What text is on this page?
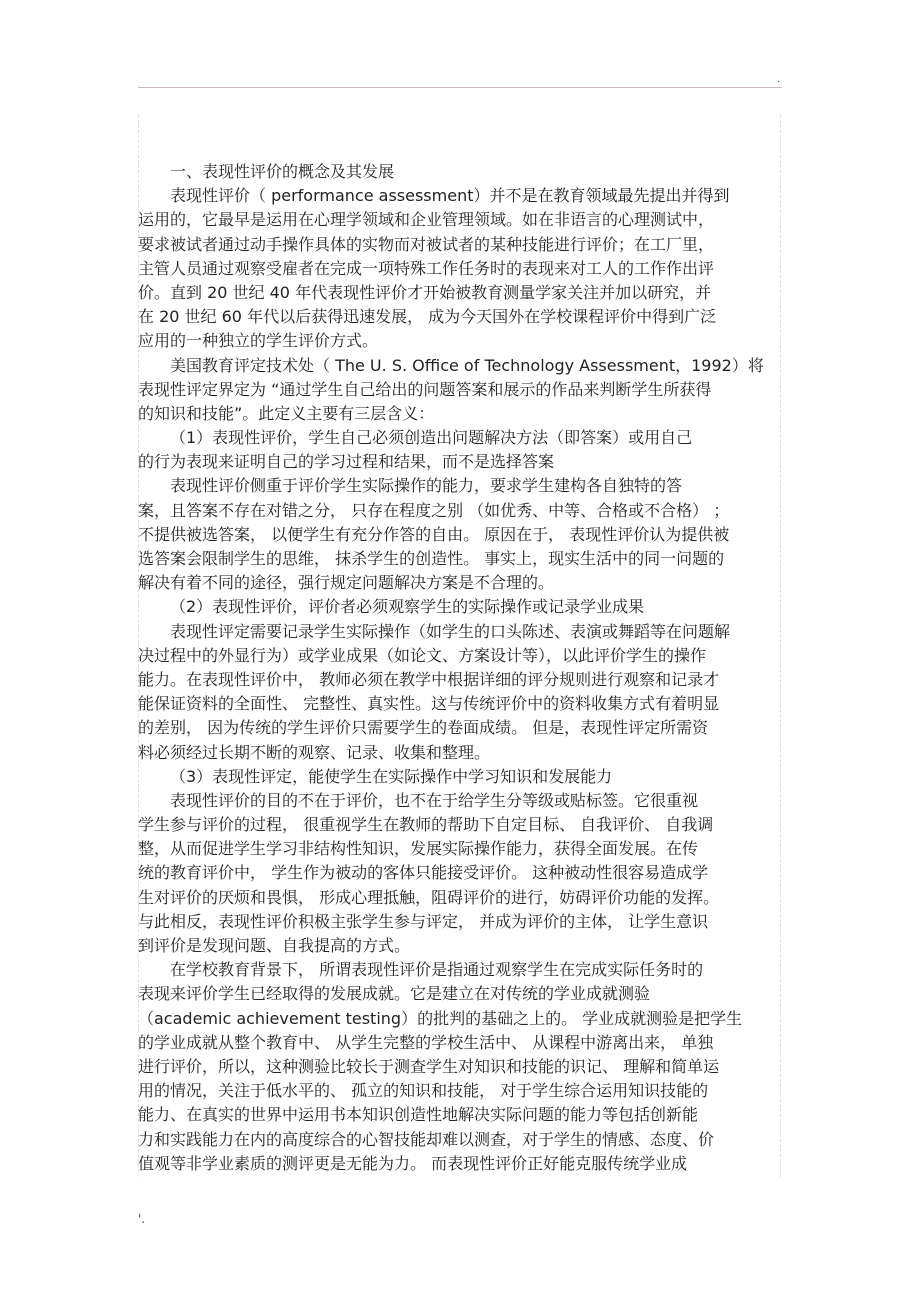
.
一、表现性评价的概念及其发展
表现性评价（ performance assessment）并不是在教育领域最先提出并得到
运用的，它最早是运用在心理学领域和企业管理领域。如在非语言的心理测试中，
要求被试者通过动手操作具体的实物而对被试者的某种技能进行评价；在工厂里，
主管人员通过观察受雇者在完成一项特殊工作任务时的表现来对工人的工作作出评
价。直到 20 世纪 40 年代表现性评价才开始被教育测量学家关注并加以研究，并
在 20 世纪 60 年代以后获得迅速发展， 成为今天国外在学校课程评价中得到广泛
应用的一种独立的学生评价方式。
美国教育评定技术处（ The U. S. Office of Technology Assessment，1992）将
表现性评定界定为 “通过学生自己给出的问题答案和展示的作品来判断学生所获得
的知识和技能”。此定义主要有三层含义：
（1）表现性评价，学生自己必须创造出问题解决方法（即答案）或用自己
的行为表现来证明自己的学习过程和结果，而不是选择答案
表现性评价侧重于评价学生实际操作的能力，要求学生建构各自独特的答
案，且答案不存在对错之分， 只存在程度之别 （如优秀、中等、合格或不合格） ；
不提供被选答案， 以便学生有充分作答的自由。 原因在于， 表现性评价认为提供被
选答案会限制学生的思维， 抹杀学生的创造性。 事实上，现实生活中的同一问题的
解决有着不同的途径，强行规定问题解决方案是不合理的。
（2）表现性评价，评价者必须观察学生的实际操作或记录学业成果
表现性评定需要记录学生实际操作（如学生的口头陈述、表演或舞蹈等在问题解
决过程中的外显行为）或学业成果（如论文、方案设计等），以此评价学生的操作
能力。在表现性评价中， 教师必须在教学中根据详细的评分规则进行观察和记录才
能保证资料的全面性、 完整性、真实性。这与传统评价中的资料收集方式有着明显
的差别， 因为传统的学生评价只需要学生的卷面成绩。 但是，表现性评定所需资
料必须经过长期不断的观察、记录、收集和整理。
（3）表现性评定，能使学生在实际操作中学习知识和发展能力
表现性评价的目的不在于评价，也不在于给学生分等级或贴标签。它很重视
学生参与评价的过程， 很重视学生在教师的帮助下自定目标、 自我评价、 自我调
整，从而促进学生学习非结构性知识，发展实际操作能力，获得全面发展。在传
统的教育评价中， 学生作为被动的客体只能接受评价。 这种被动性很容易造成学
生对评价的厌烦和畏惧， 形成心理抵触，阻碍评价的进行，妨碍评价功能的发挥。
与此相反，表现性评价积极主张学生参与评定， 并成为评价的主体， 让学生意识
到评价是发现问题、自我提高的方式。
在学校教育背景下， 所谓表现性评价是指通过观察学生在完成实际任务时的
表现来评价学生已经取得的发展成就。它是建立在对传统的学业成就测验
（academic achievement testing）的批判的基础之上的。 学业成就测验是把学生
的学业成就从整个教育中、 从学生完整的学校生活中、 从课程中游离出来， 单独
进行评价，所以，这种测验比较长于测查学生对知识和技能的识记、 理解和简单运
用的情况，关注于低水平的、 孤立的知识和技能， 对于学生综合运用知识技能的
能力、在真实的世界中运用书本知识创造性地解决实际问题的能力等包括创新能
力和实践能力在内的高度综合的心智技能却难以测查，对于学生的情感、态度、价
值观等非学业素质的测评更是无能为力。 而表现性评价正好能克服传统学业成
'.
